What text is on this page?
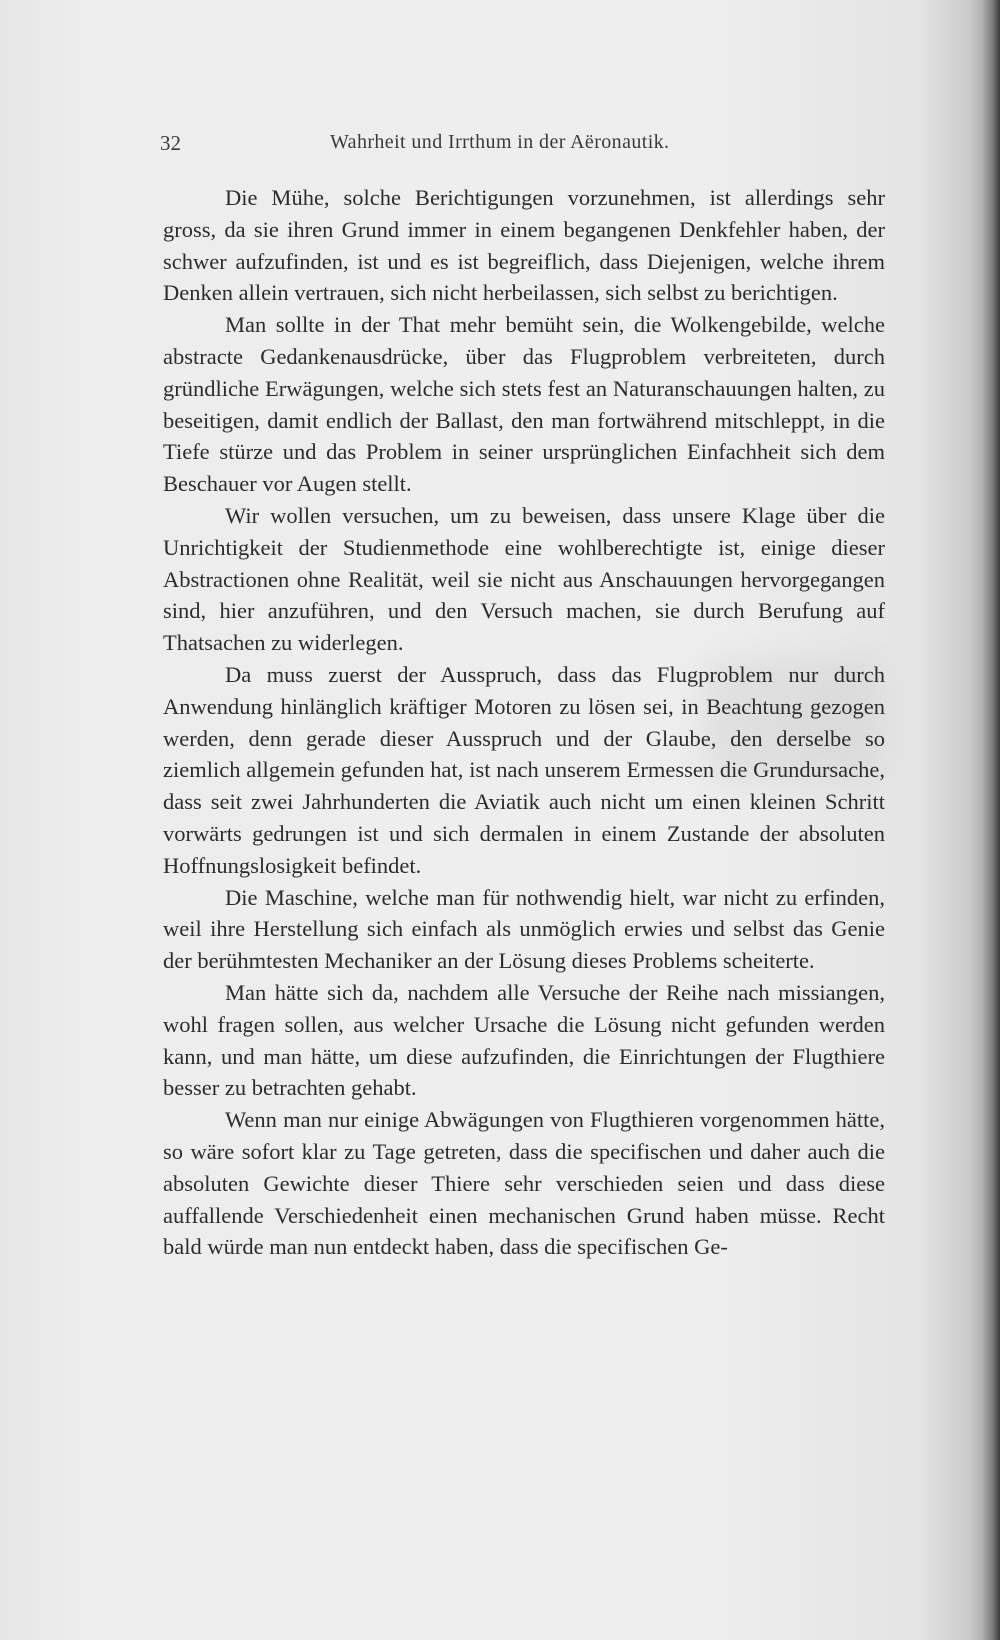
32	Wahrheit und Irrthum in der Aëronautik.

Die Mühe, solche Berichtigungen vorzunehmen, ist allerdings sehr gross, da sie ihren Grund immer in einem begangenen Denkfehler haben, der schwer aufzufinden, ist und es ist begreiflich, dass Diejenigen, welche ihrem Denken allein vertrauen, sich nicht herbeilassen, sich selbst zu berichtigen.

Man sollte in der That mehr bemüht sein, die Wolkengebilde, welche abstracte Gedankenausdrücke, über das Flugproblem verbreiteten, durch gründliche Erwägungen, welche sich stets fest an Naturanschauungen halten, zu beseitigen, damit endlich der Ballast, den man fortwährend mitschleppt, in die Tiefe stürze und das Problem in seiner ursprünglichen Einfachheit sich dem Beschauer vor Augen stellt.

Wir wollen versuchen, um zu beweisen, dass unsere Klage über die Unrichtigkeit der Studienmethode eine wohlberechtigte ist, einige dieser Abstractionen ohne Realität, weil sie nicht aus Anschauungen hervorgegangen sind, hier anzuführen, und den Versuch machen, sie durch Berufung auf Thatsachen zu widerlegen.

Da muss zuerst der Ausspruch, dass das Flugproblem nur durch Anwendung hinlänglich kräftiger Motoren zu lösen sei, in Beachtung gezogen werden, denn gerade dieser Ausspruch und der Glaube, den derselbe so ziemlich allgemein gefunden hat, ist nach unserem Ermessen die Grundursache, dass seit zwei Jahrhunderten die Aviatik auch nicht um einen kleinen Schritt vorwärts gedrungen ist und sich dermalen in einem Zustande der absoluten Hoffnungslosigkeit befindet.

Die Maschine, welche man für nothwendig hielt, war nicht zu erfinden, weil ihre Herstellung sich einfach als unmöglich erwies und selbst das Genie der berühmtesten Mechaniker an der Lösung dieses Problems scheiterte.

Man hätte sich da, nachdem alle Versuche der Reihe nach missiangen, wohl fragen sollen, aus welcher Ursache die Lösung nicht gefunden werden kann, und man hätte, um diese aufzufinden, die Einrichtungen der Flugthiere besser zu betrachten gehabt.

Wenn man nur einige Abwägungen von Flugthieren vorgenommen hätte, so wäre sofort klar zu Tage getreten, dass die specifischen und daher auch die absoluten Gewichte dieser Thiere sehr verschieden seien und dass diese auffallende Verschiedenheit einen mechanischen Grund haben müsse. Recht bald würde man nun entdeckt haben, dass die specifischen Ge-
